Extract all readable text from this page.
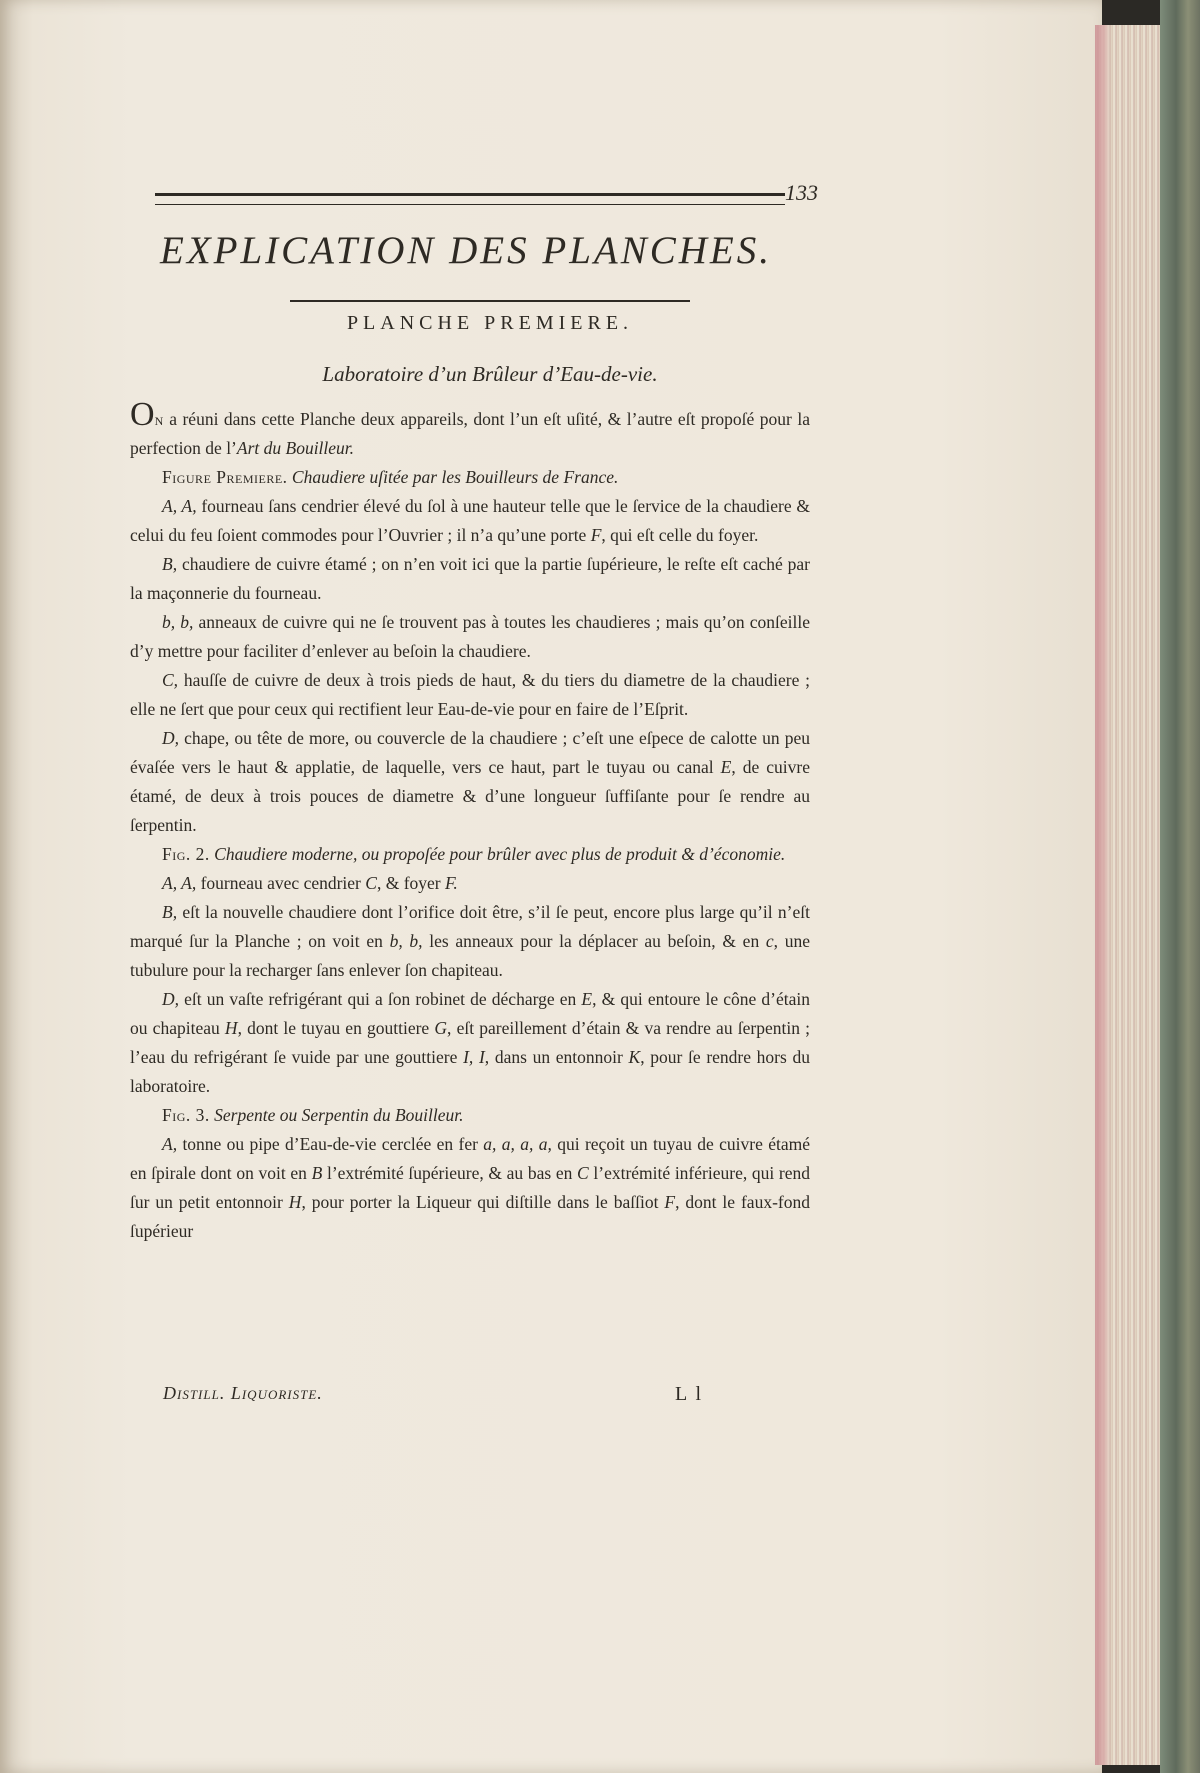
133
EXPLICATION DES PLANCHES.
PLANCHE PREMIERE.
Laboratoire d’un Brûleur d’Eau-de-vie.

On a réuni dans cette Planche deux appareils, dont l’un eſt uſité, & l’autre eſt propoſé pour la perfection de l’Art du Bouilleur.

Figure Premiere. Chaudiere uſitée par les Bouilleurs de France.

A, A, fourneau ſans cendrier élevé du ſol à une hauteur telle que le ſervice de la chaudiere & celui du feu ſoient commodes pour l’Ouvrier ; il n’a qu’une porte F, qui eſt celle du foyer.

B, chaudiere de cuivre étamé ; on n’en voit ici que la partie ſupérieure, le reſte eſt caché par la maçonnerie du fourneau.

b, b, anneaux de cuivre qui ne ſe trouvent pas à toutes les chaudieres ; mais qu’on conſeille d’y mettre pour faciliter d’enlever au beſoin la chaudiere.

C, hauſſe de cuivre de deux à trois pieds de haut, & du tiers du diametre de la chaudiere ; elle ne ſert que pour ceux qui rectifient leur Eau-de-vie pour en faire de l’Eſprit.

D, chape, ou tête de more, ou couvercle de la chaudiere ; c’eſt une eſpece de calotte un peu évaſée vers le haut & applatie, de laquelle, vers ce haut, part le tuyau ou canal E, de cuivre étamé, de deux à trois pouces de diametre & d’une longueur ſuffiſante pour ſe rendre au ſerpentin.

Fig. 2. Chaudiere moderne, ou propoſée pour brûler avec plus de produit & d’économie.

A, A, fourneau avec cendrier C, & foyer F.

B, eſt la nouvelle chaudiere dont l’orifice doit être, s’il ſe peut, encore plus large qu’il n’eſt marqué ſur la Planche ; on voit en b, b, les anneaux pour la déplacer au beſoin, & en c, une tubulure pour la recharger ſans enlever ſon chapiteau.

D, eſt un vaſte refrigérant qui a ſon robinet de décharge en E, & qui entoure le cône d’étain ou chapiteau H, dont le tuyau en gouttiere G, eſt pareillement d’étain & va rendre au ſerpentin ; l’eau du refrigérant ſe vuide par une gouttiere I, I, dans un entonnoir K, pour ſe rendre hors du laboratoire.

Fig. 3. Serpente ou Serpentin du Bouilleur.

A, tonne ou pipe d’Eau-de-vie cerclée en fer a, a, a, a, qui reçoit un tuyau de cuivre étamé en ſpirale dont on voit en B l’extrémité ſupérieure, & au bas en C l’extrémité inférieure, qui rend ſur un petit entonnoir H, pour porter la Liqueur qui diſtille dans le baſſiot F, dont le faux-fond ſupérieur

Distill. Liquoriste.	L l
